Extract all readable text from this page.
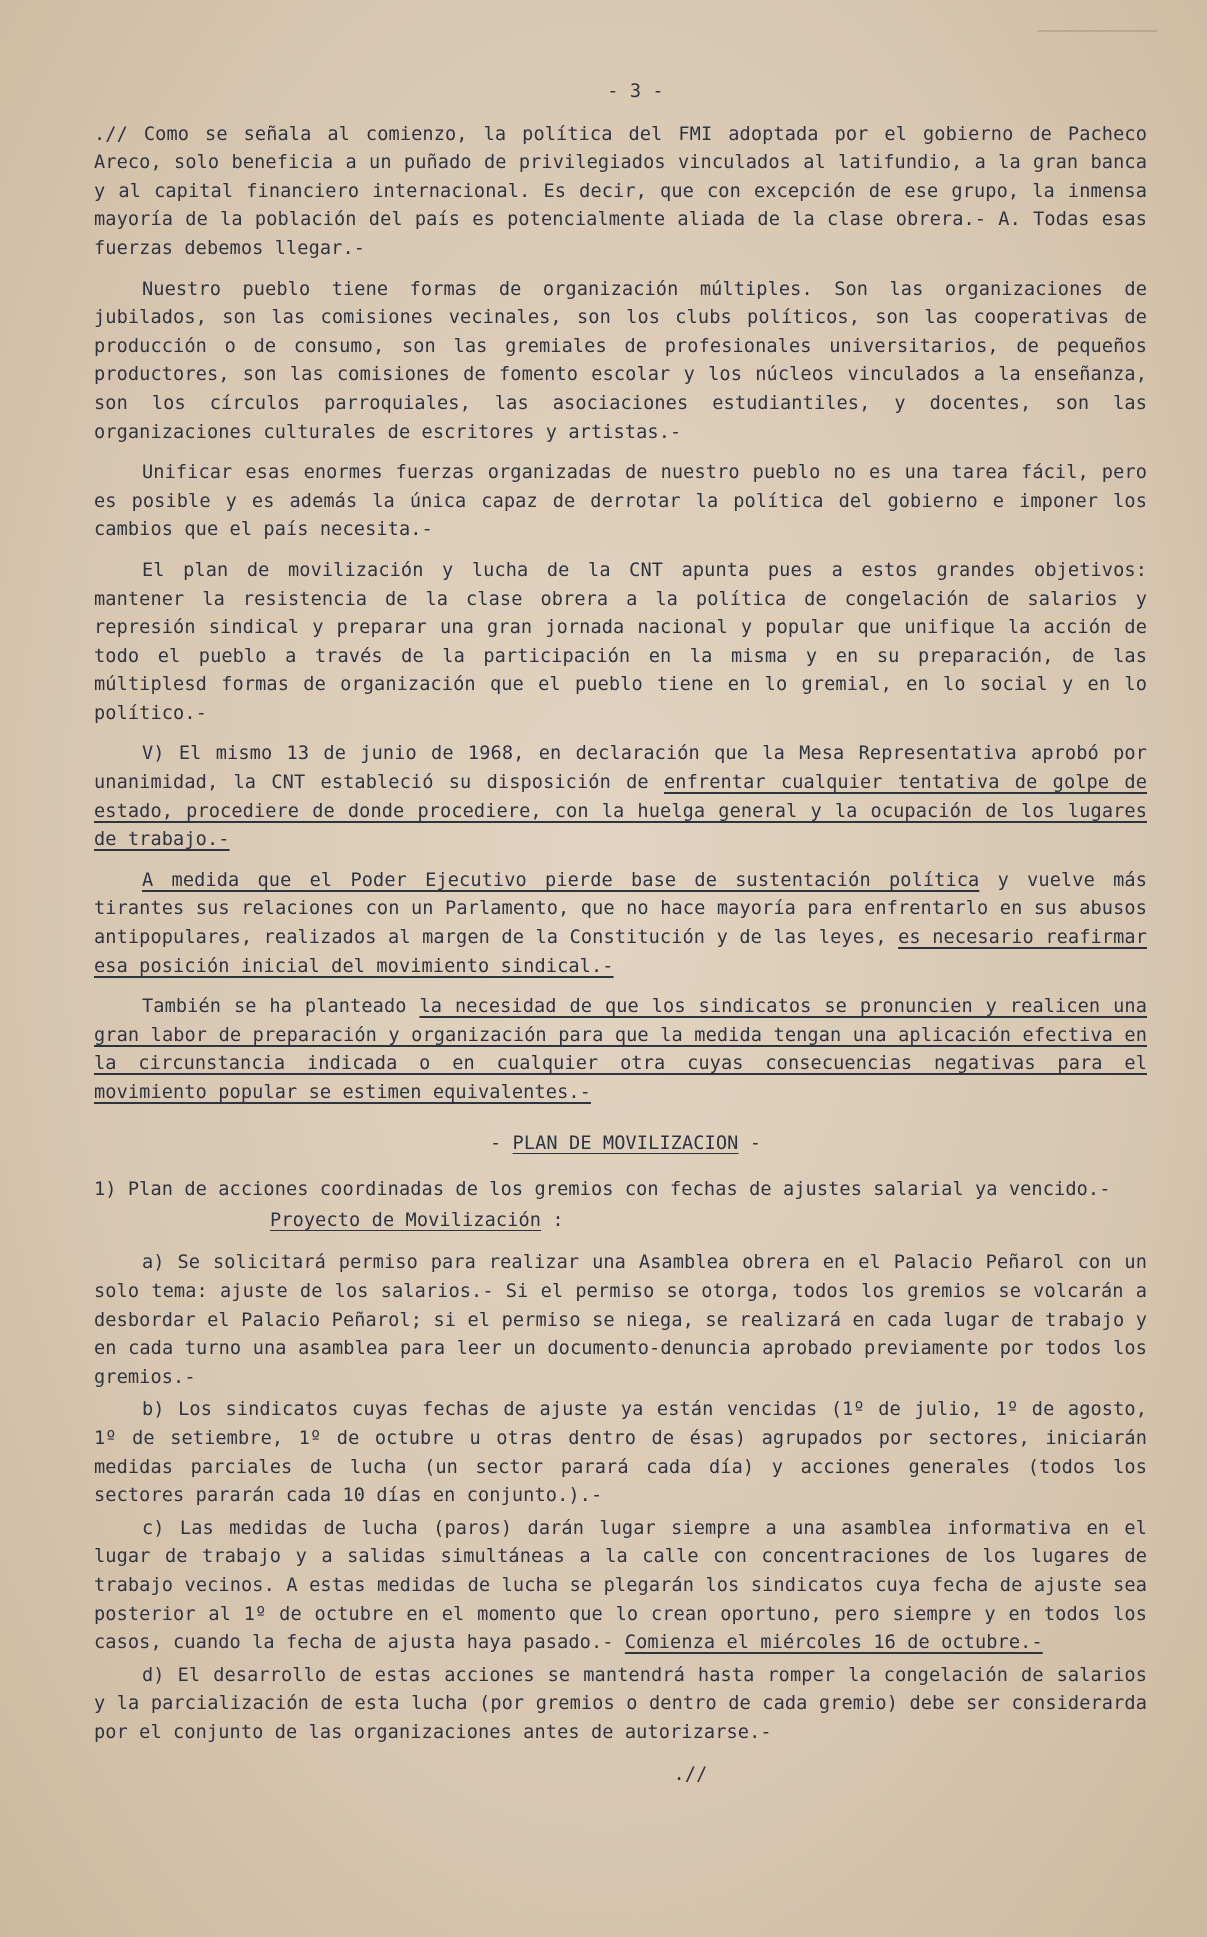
- 3 -

.// Como se señala al comienzo, la política del FMI adoptada por el gobierno de Pacheco Areco, solo beneficia a un puñado de privilegiados vinculados al latifundio, a la gran banca y al capital financiero internacional. Es decir, que con excepción de ese grupo, la inmensa mayoría de la población del país es potencialmente aliada de la clase obrera.- A. Todas esas fuerzas debemos llegar.-

Nuestro pueblo tiene formas de organización múltiples. Son las organizaciones de jubilados, son las comisiones vecinales, son los clubs políticos, son las cooperativas de producción o de consumo, son las gremiales de profesionales universitarios, de pequeños productores, son las comisiones de fomento escolar y los núcleos vinculados a la enseñanza, son los círculos parroquiales, las asociaciones estudiantiles, y docentes, son las organizaciones culturales de escritores y artistas.-

Unificar esas enormes fuerzas organizadas de nuestro pueblo no es una tarea fácil, pero es posible y es además la única capaz de derrotar la política del gobierno e imponer los cambios que el país necesita.-

El plan de movilización y lucha de la CNT apunta pues a estos grandes objetivos: mantener la resistencia de la clase obrera a la política de congelación de salarios y represión sindical y preparar una gran jornada nacional y popular que unifique la acción de todo el pueblo a través de la participación en la misma y en su preparación, de las múltiplesd formas de organización que el pueblo tiene en lo gremial, en lo social y en lo político.-

V) El mismo 13 de junio de 1968, en declaración que la Mesa Representativa aprobó por unanimidad, la CNT estableció su disposición de enfrentar cualquier tentativa de golpe de estado, procediere de donde procediere, con la huelga general y la ocupación de los lugares de trabajo.-

A medida que el Poder Ejecutivo pierde base de sustentación política y vuelve más tirantes sus relaciones con un Parlamento, que no hace mayoría para enfrentarlo en sus abusos antipopulares, realizados al margen de la Constitución y de las leyes, es necesario reafirmar esa posición inicial del movimiento sindical.-

También se ha planteado la necesidad de que los sindicatos se pronuncien y realicen una gran labor de preparación y organización para que la medida tengan una aplicación efectiva en la circunstancia indicada o en cualquier otra cuyas consecuencias negativas para el movimiento popular se estimen equivalentes.-

- PLAN DE MOVILIZACION -

1) Plan de acciones coordinadas de los gremios con fechas de ajustes salarial ya vencido.-

Proyecto de Movilización :

a) Se solicitará permiso para realizar una Asamblea obrera en el Palacio Peñarol con un solo tema: ajuste de los salarios.- Si el permiso se otorga, todos los gremios se volcarán a desbordar el Palacio Peñarol; si el permiso se niega, se realizará en cada lugar de trabajo y en cada turno una asamblea para leer un documento-denuncia aprobado previamente por todos los gremios.-

b) Los sindicatos cuyas fechas de ajuste ya están vencidas (1º de julio, 1º de agosto, 1º de setiembre, 1º de octubre u otras dentro de ésas) agrupados por sectores, iniciarán medidas parciales de lucha (un sector parará cada día) y acciones generales (todos los sectores pararán cada 10 días en conjunto.).-

c) Las medidas de lucha (paros) darán lugar siempre a una asamblea informativa en el lugar de trabajo y a salidas simultáneas a la calle con concentraciones de los lugares de trabajo vecinos. A estas medidas de lucha se plegarán los sindicatos cuya fecha de ajuste sea posterior al 1º de octubre en el momento que lo crean oportuno, pero siempre y en todos los casos, cuando la fecha de ajusta haya pasado.- Comienza el miércoles 16 de octubre.-

d) El desarrollo de estas acciones se mantendrá hasta romper la congelación de salarios y la parcialización de esta lucha (por gremios o dentro de cada gremio) debe ser considerarda por el conjunto de las organizaciones antes de autorizarse.-

.//
